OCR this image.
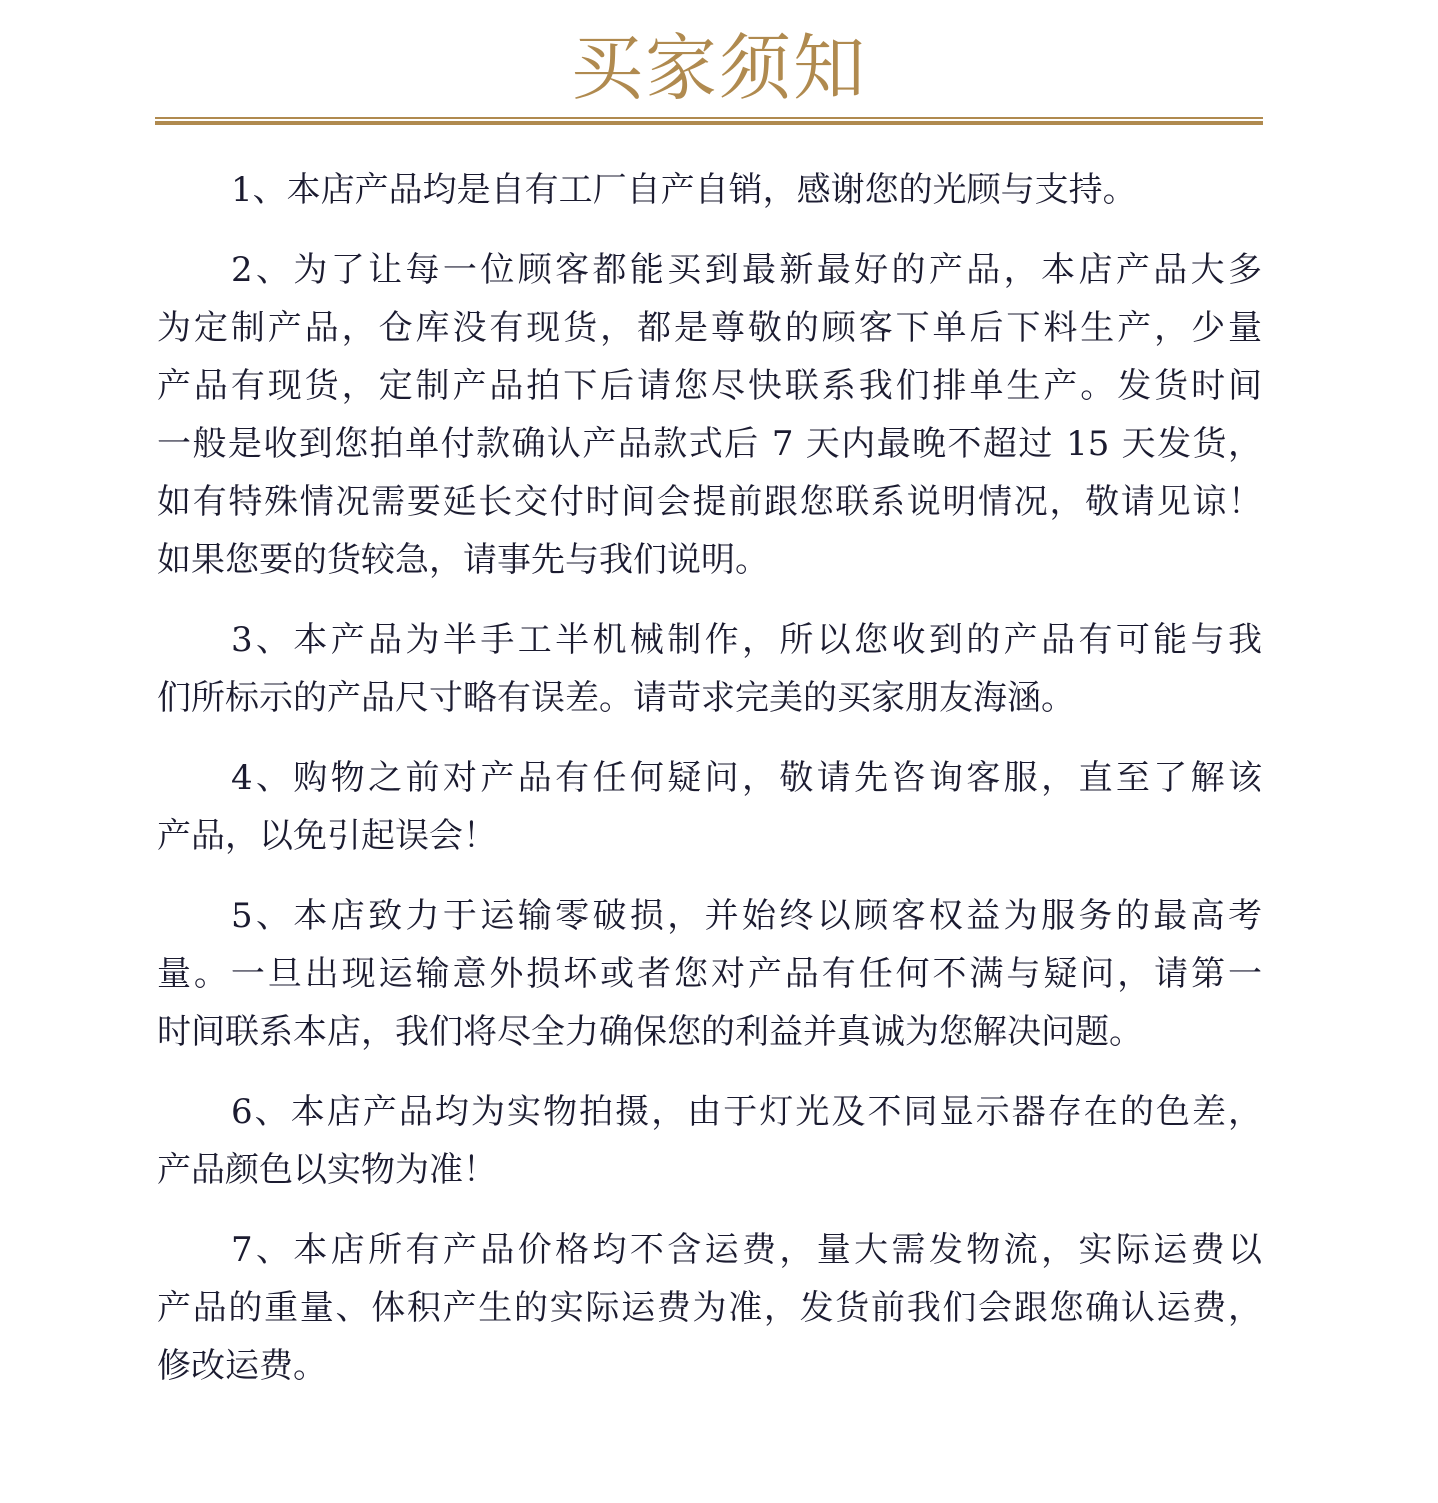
买家须知
1、本店产品均是自有工厂自产自销，感谢您的光顾与支持。
2、为了让每一位顾客都能买到最新最好的产品，本店产品大多
为定制产品，仓库没有现货，都是尊敬的顾客下单后下料生产，少量
产品有现货，定制产品拍下后请您尽快联系我们排单生产。发货时间
一般是收到您拍单付款确认产品款式后 7 天内最晚不超过 15 天发货，
如有特殊情况需要延长交付时间会提前跟您联系说明情况，敬请见谅！
如果您要的货较急，请事先与我们说明。
3、本产品为半手工半机械制作，所以您收到的产品有可能与我
们所标示的产品尺寸略有误差。请苛求完美的买家朋友海涵。
4、购物之前对产品有任何疑问，敬请先咨询客服，直至了解该
产品，以免引起误会！
5、本店致力于运输零破损，并始终以顾客权益为服务的最高考
量。一旦出现运输意外损坏或者您对产品有任何不满与疑问，请第一
时间联系本店，我们将尽全力确保您的利益并真诚为您解决问题。
6、本店产品均为实物拍摄，由于灯光及不同显示器存在的色差，
产品颜色以实物为准！
7、本店所有产品价格均不含运费，量大需发物流，实际运费以
产品的重量、体积产生的实际运费为准，发货前我们会跟您确认运费，
修改运费。
